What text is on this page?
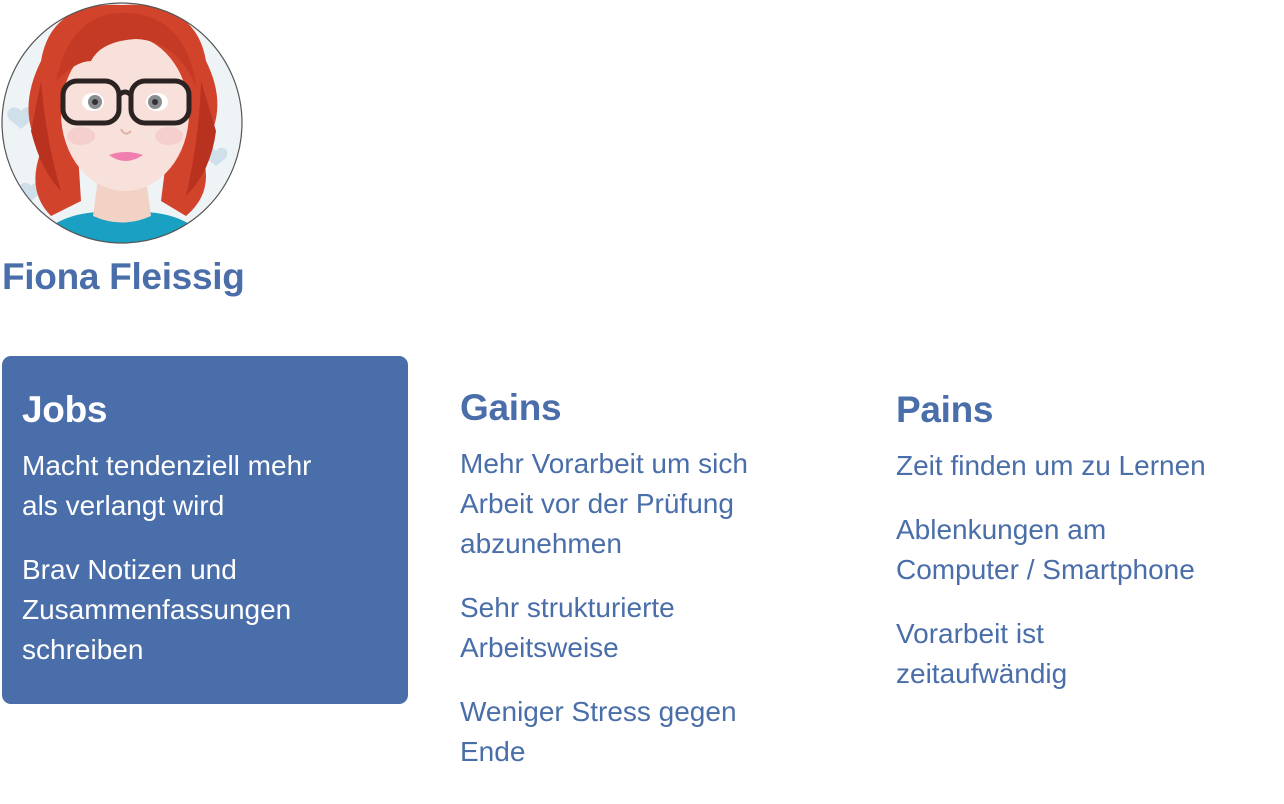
Fiona Fleissig
Jobs
Macht tendenziell mehr
als verlangt wird
Brav Notizen und
Zusammenfassungen
schreiben
Gains
Mehr Vorarbeit um sich
Arbeit vor der Prüfung
abzunehmen
Sehr strukturierte
Arbeitsweise
Weniger Stress gegen
Ende
Pains
Zeit finden um zu Lernen
Ablenkungen am
Computer / Smartphone
Vorarbeit ist
zeitaufwändig
